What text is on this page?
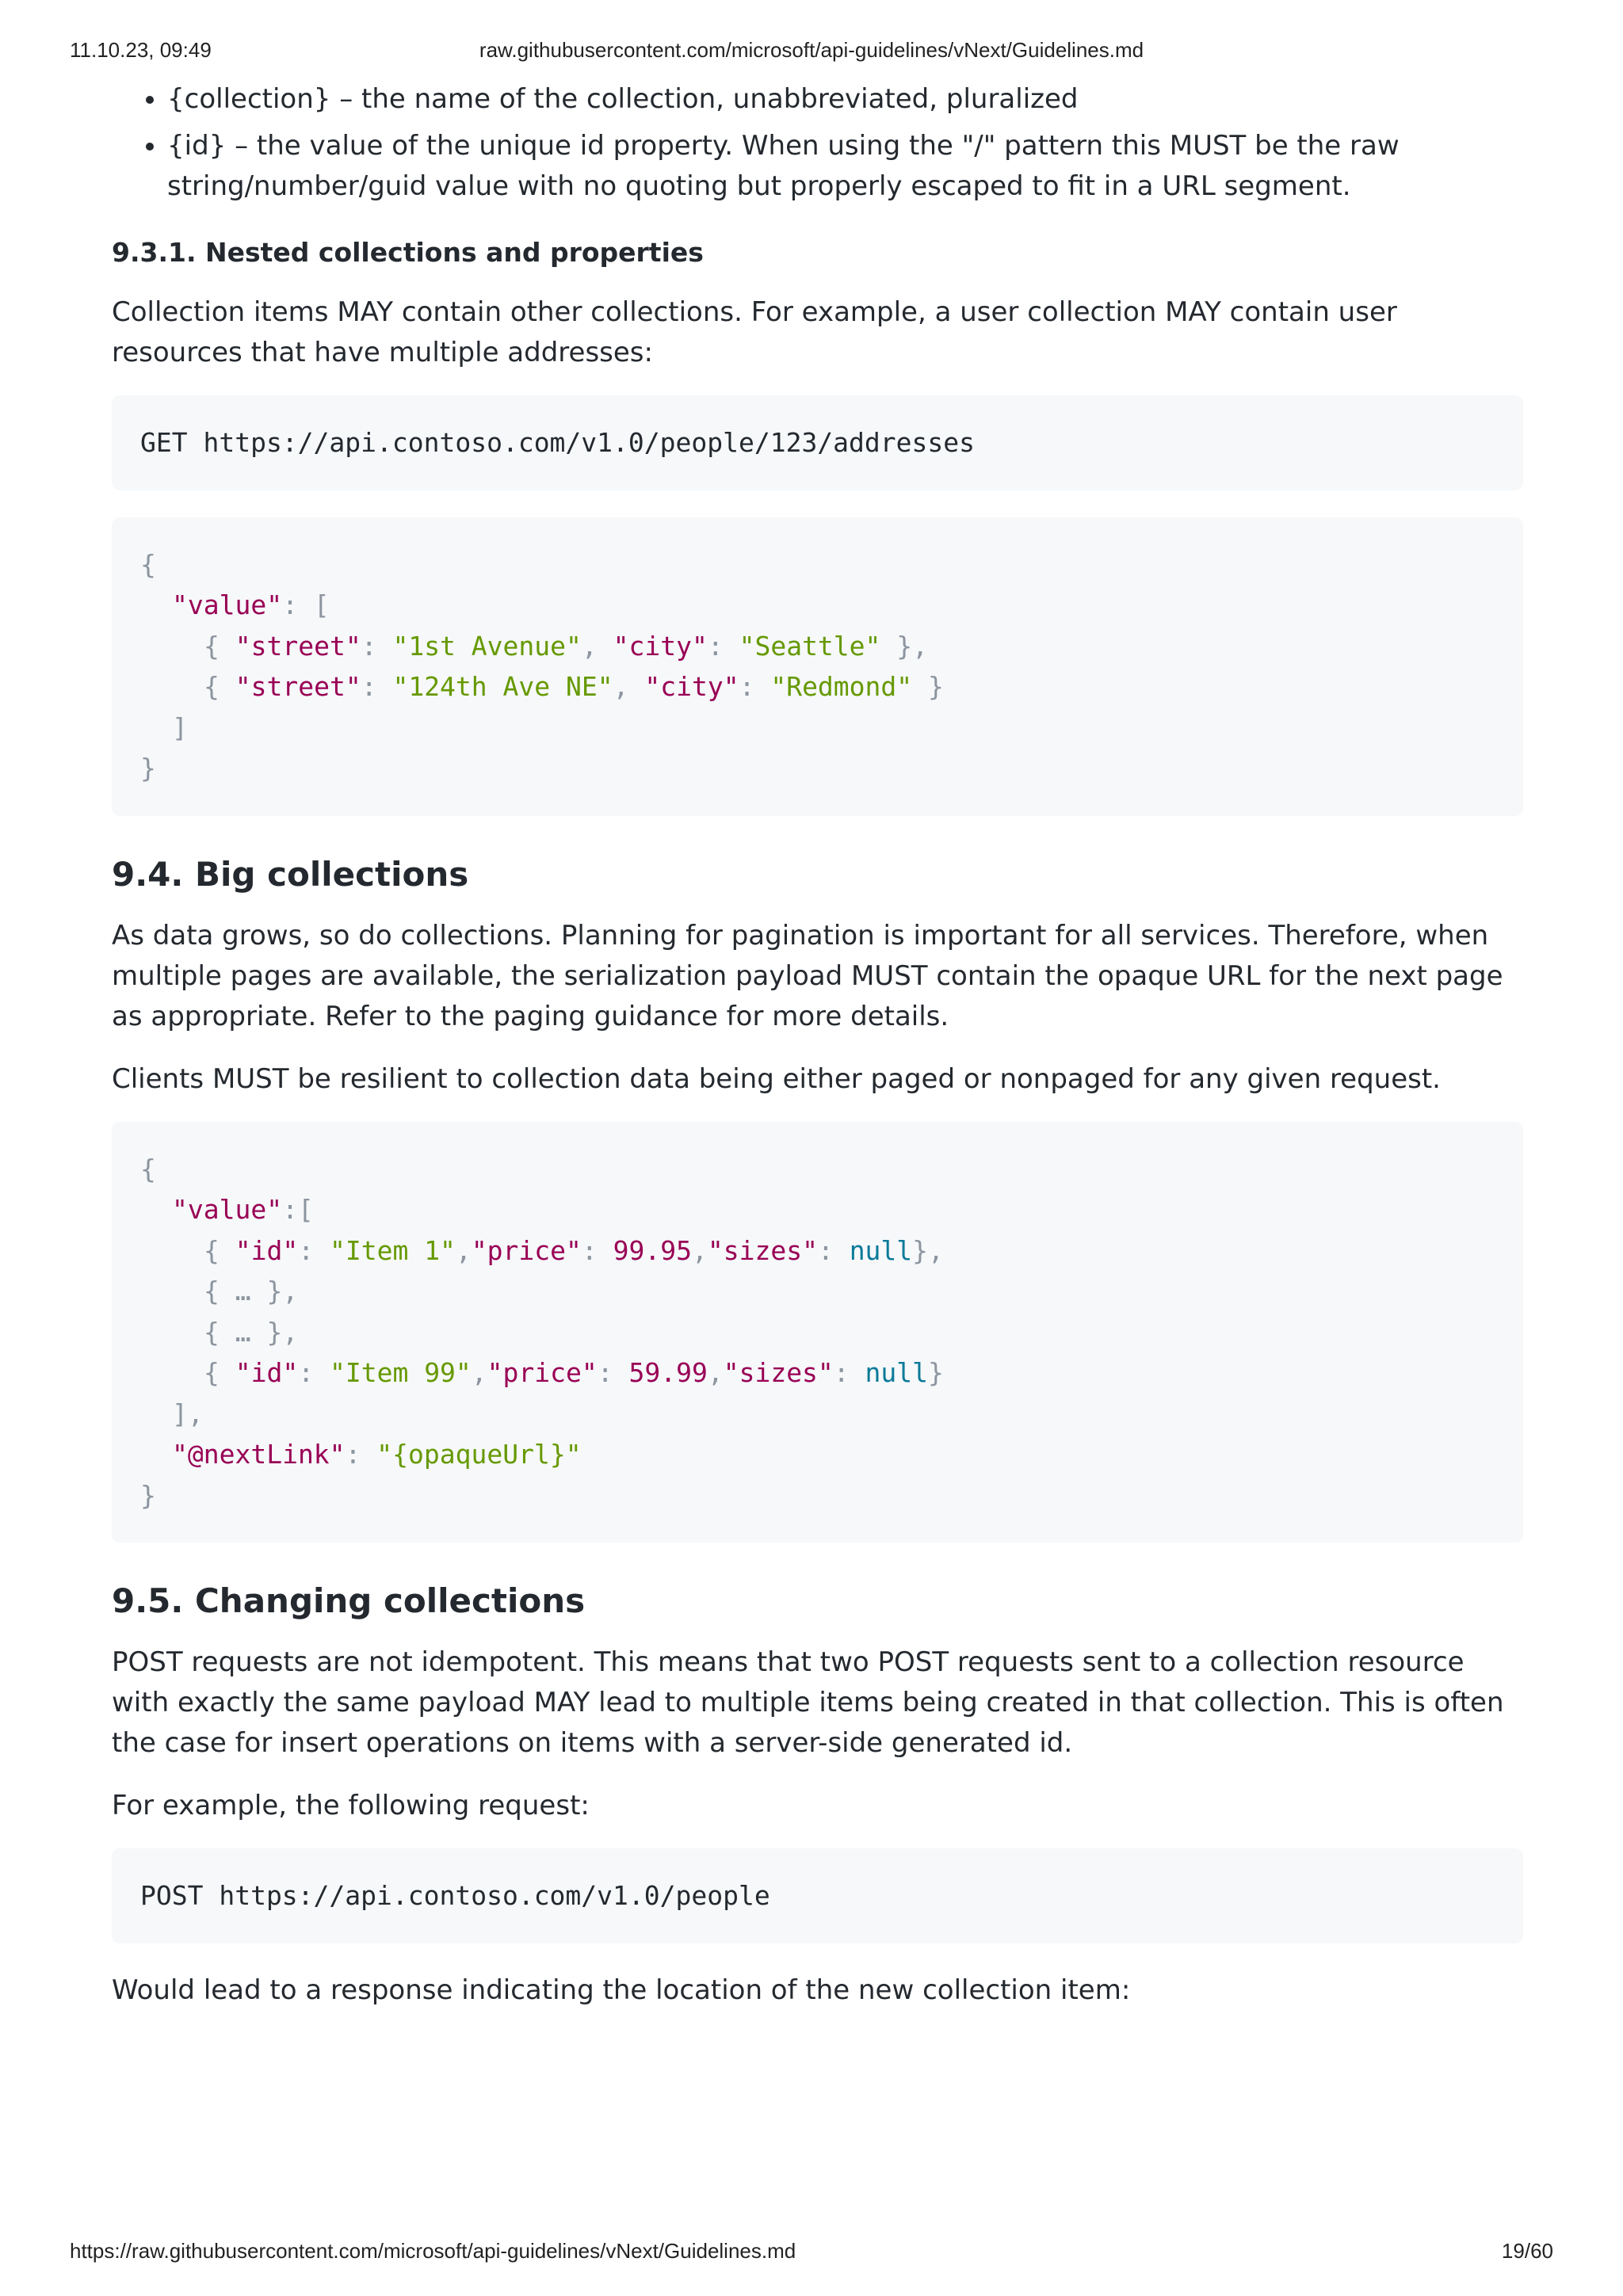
11.10.23, 09:49	raw.githubusercontent.com/microsoft/api-guidelines/vNext/Guidelines.md
• {collection} – the name of the collection, unabbreviated, pluralized
• {id} – the value of the unique id property. When using the "/" pattern this MUST be the raw string/number/guid value with no quoting but properly escaped to fit in a URL segment.
9.3.1. Nested collections and properties

Collection items MAY contain other collections. For example, a user collection MAY contain user resources that have multiple addresses:

GET https://api.contoso.com/v1.0/people/123/addresses
{
"value": [
{ "street": "1st Avenue", "city": "Seattle" },
{ "street": "124th Ave NE", "city": "Redmond" }
]
}
9.4. Big collections

As data grows, so do collections. Planning for pagination is important for all services. Therefore, when multiple pages are available, the serialization payload MUST contain the opaque URL for the next page as appropriate. Refer to the paging guidance for more details.

Clients MUST be resilient to collection data being either paged or nonpaged for any given request.

{
"value":[
{ "id": "Item 1","price": 99.95,"sizes": null},
{ … },
{ … },
{ "id": "Item 99","price": 59.99,"sizes": null}
],
"@nextLink": "{opaqueUrl}"
}
9.5. Changing collections

POST requests are not idempotent. This means that two POST requests sent to a collection resource with exactly the same payload MAY lead to multiple items being created in that collection. This is often the case for insert operations on items with a server-side generated id.

For example, the following request:

POST https://api.contoso.com/v1.0/people

Would lead to a response indicating the location of the new collection item:

https://raw.githubusercontent.com/microsoft/api-guidelines/vNext/Guidelines.md	19/60
